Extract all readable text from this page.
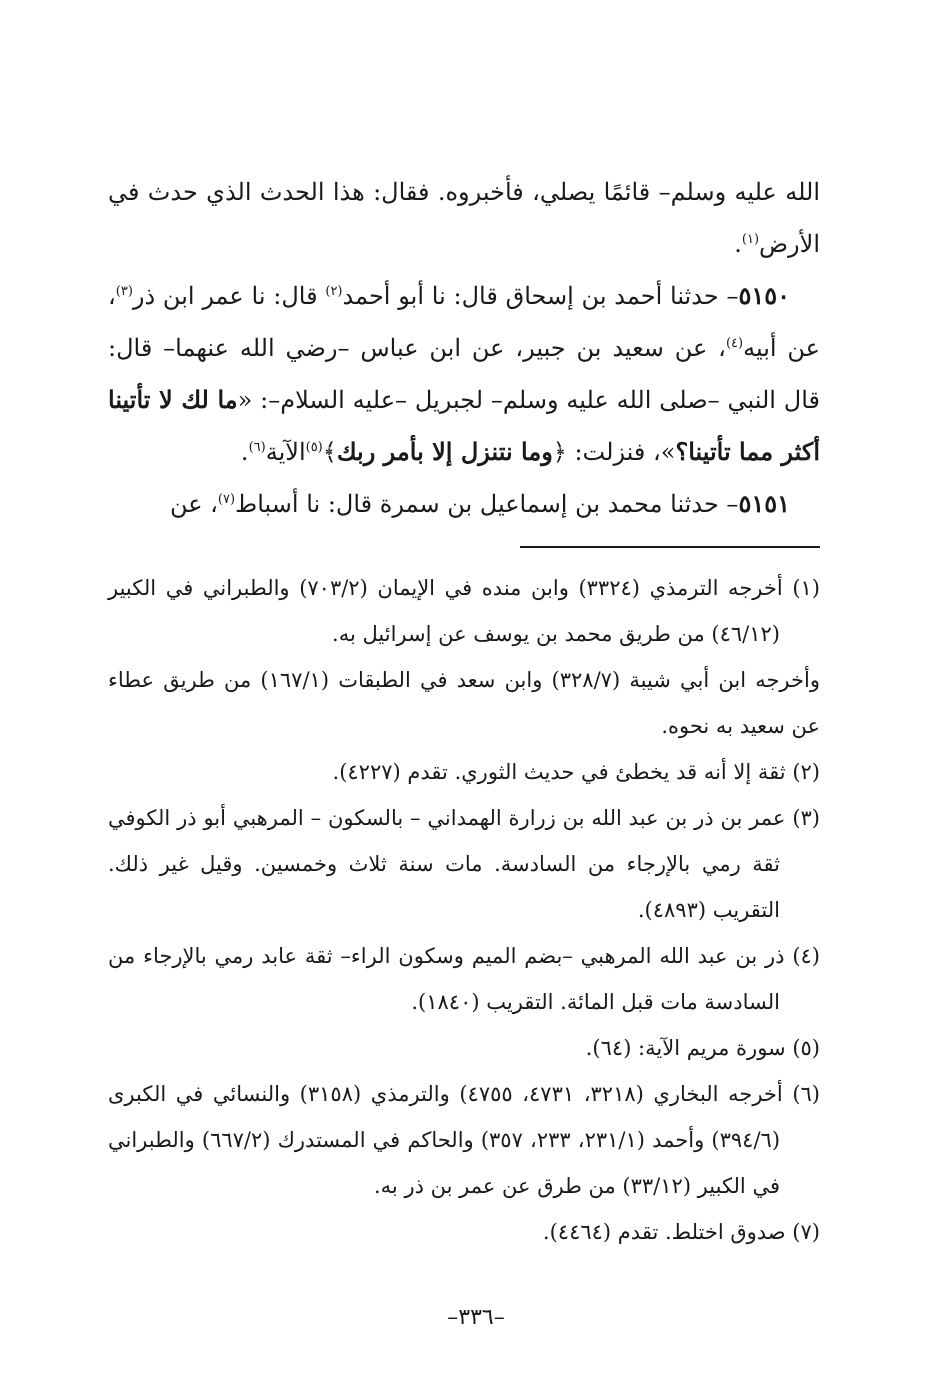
الله عليه وسلم– قائمًا يصلي، فأخبروه. فقال: هذا الحدث الذي حدث في الأرض$^{(١)}$.

٥١٥٠– حدثنا أحمد بن إسحاق قال: نا أبو أحمد$^{(٢)}$ قال: نا عمر ابن ذر$^{(٣)}$، عن أبيه$^{(٤)}$، عن سعيد بن جبير، عن ابن عباس –رضي الله عنهما– قال: قال النبي –صلى الله عليه وسلم– لجبريل –عليه السلام–: «ما لك لا تأتينا أكثر مما تأتينا؟»، فنزلت: ﴿وما نتنزل إلا بأمر ربك﴾$^{(٥)}$الآية$^{(٦)}$.

٥١٥١– حدثنا محمد بن إسماعيل بن سمرة قال: نا أسباط$^{(٧)}$، عن

(١) أخرجه الترمذي (٣٣٢٤) وابن منده في الإيمان (٧٠٣/٢) والطبراني في الكبير (٤٦/١٢) من طريق محمد بن يوسف عن إسرائيل به.

وأخرجه ابن أبي شيبة (٣٢٨/٧) وابن سعد في الطبقات (١٦٧/١) من طريق عطاء عن سعيد به نحوه.

(٢) ثقة إلا أنه قد يخطئ في حديث الثوري. تقدم (٤٢٢٧).

(٣) عمر بن ذر بن عبد الله بن زرارة الهمداني – بالسكون – المرهبي أبو ذر الكوفي ثقة رمي بالإرجاء من السادسة. مات سنة ثلاث وخمسين. وقيل غير ذلك. التقريب (٤٨٩٣).

(٤) ذر بن عبد الله المرهبي –بضم الميم وسكون الراء– ثقة عابد رمي بالإرجاء من السادسة مات قبل المائة. التقريب (١٨٤٠).

(٥) سورة مريم الآية: (٦٤).

(٦) أخرجه البخاري (٣٢١٨، ٤٧٣١، ٤٧٥٥) والترمذي (٣١٥٨) والنسائي في الكبرى (٣٩٤/٦) وأحمد (٢٣١/١، ٢٣٣، ٣٥٧) والحاكم في المستدرك (٦٦٧/٢) والطبراني في الكبير (٣٣/١٢) من طرق عن عمر بن ذر به.

(٧) صدوق اختلط. تقدم (٤٤٦٤).

–٣٣٦–
